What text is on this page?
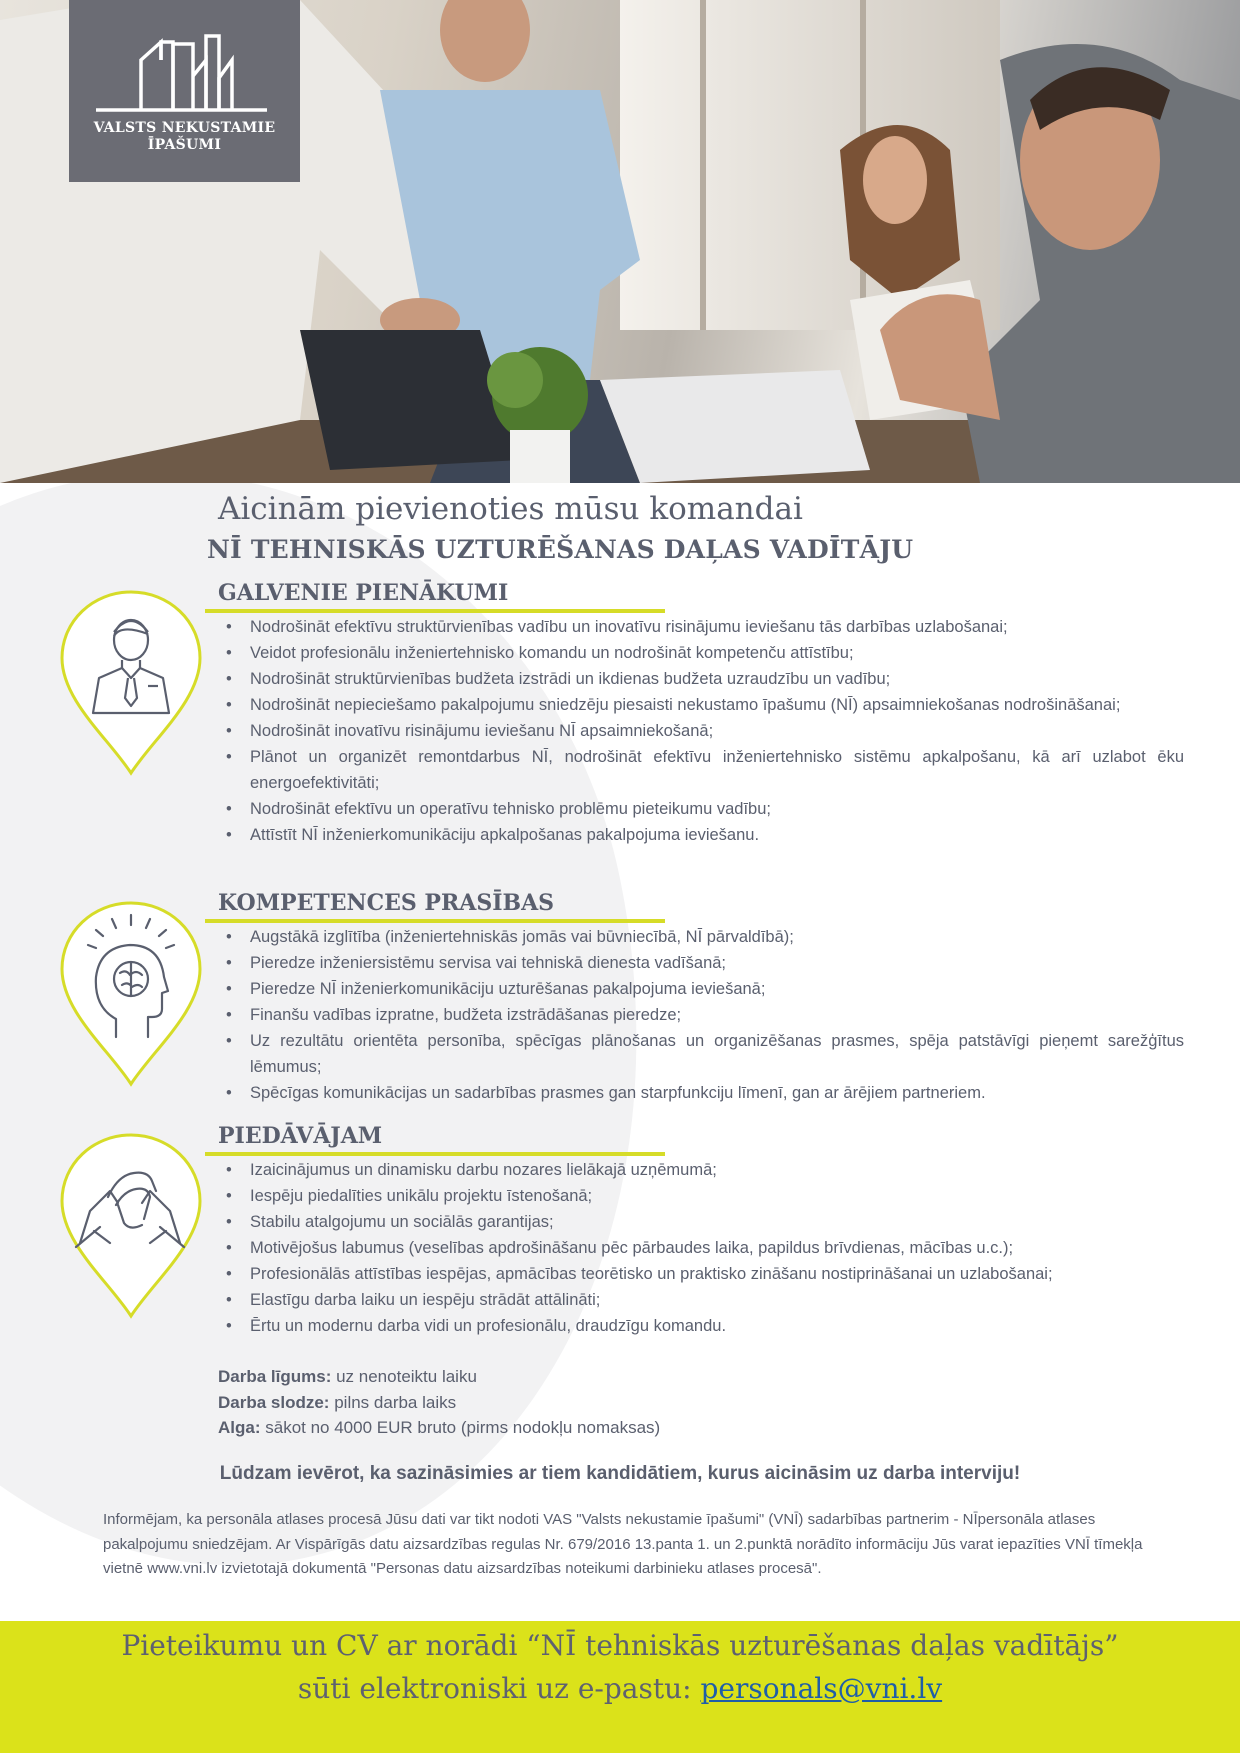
VALSTS NEKUSTAMIE
ĪPAŠUMI
Aicinām pievienoties mūsu komandai
NĪ TEHNISKĀS UZTURĒŠANAS DAĻAS VADĪTĀJU
GALVENIE PIENĀKUMI
• Nodrošināt efektīvu struktūrvienības vadību un inovatīvu risinājumu ieviešanu tās darbības uzlabošanai;
• Veidot profesionālu inženiertehnisko komandu un nodrošināt kompetenču attīstību;
• Nodrošināt struktūrvienības budžeta izstrādi un ikdienas budžeta uzraudzību un vadību;
• Nodrošināt nepieciešamo pakalpojumu sniedzēju piesaisti nekustamo īpašumu (NĪ) apsaimniekošanas nodrošināšanai;
• Nodrošināt inovatīvu risinājumu ieviešanu NĪ apsaimniekošanā;
• Plānot un organizēt remontdarbus NĪ, nodrošināt efektīvu inženiertehnisko sistēmu apkalpošanu, kā arī uzlabot ēku energoefektivitāti;
• Nodrošināt efektīvu un operatīvu tehnisko problēmu pieteikumu vadību;
• Attīstīt NĪ inženierkomunikāciju apkalpošanas pakalpojuma ieviešanu.
KOMPETENCES PRASĪBAS
• Augstākā izglītība (inženiertehniskās jomās vai būvniecībā, NĪ pārvaldībā);
• Pieredze inženiersistēmu servisa vai tehniskā dienesta vadīšanā;
• Pieredze NĪ inženierkomunikāciju uzturēšanas pakalpojuma ieviešanā;
• Finanšu vadības izpratne, budžeta izstrādāšanas pieredze;
• Uz rezultātu orientēta personība, spēcīgas plānošanas un organizēšanas prasmes, spēja patstāvīgi pieņemt sarežģītus lēmumus;
• Spēcīgas komunikācijas un sadarbības prasmes gan starpfunkciju līmenī, gan ar ārējiem partneriem.
PIEDĀVĀJAM
• Izaicinājumus un dinamisku darbu nozares lielākajā uzņēmumā;
• Iespēju piedalīties unikālu projektu īstenošanā;
• Stabilu atalgojumu un sociālās garantijas;
• Motivējošus labumus (veselības apdrošināšanu pēc pārbaudes laika, papildus brīvdienas, mācības u.c.);
• Profesionālās attīstības iespējas, apmācības teorētisko un praktisko zināšanu nostiprināšanai un uzlabošanai;
• Elastīgu darba laiku un iespēju strādāt attālināti;
• Ērtu un modernu darba vidi un profesionālu, draudzīgu komandu.
Darba līgums: uz nenoteiktu laiku
Darba slodze: pilns darba laiks
Alga: sākot no 4000 EUR bruto (pirms nodokļu nomaksas)
Lūdzam ievērot, ka sazināsimies ar tiem kandidātiem, kurus aicināsim uz darba interviju!
Informējam, ka personāla atlases procesā Jūsu dati var tikt nodoti VAS "Valsts nekustamie īpašumi" (VNĪ) sadarbības partnerim - NĪpersonāla atlases pakalpojumu sniedzējam. Ar Vispārīgās datu aizsardzības regulas Nr. 679/2016 13.panta 1. un 2.punktā norādīto informāciju Jūs varat iepazīties VNĪ tīmekļa vietnē www.vni.lv izvietotajā dokumentā "Personas datu aizsardzības noteikumi darbinieku atlases procesā".
Pieteikumu un CV ar norādi “NĪ tehniskās uzturēšanas daļas vadītājs”
sūti elektroniski uz e-pastu: personals@vni.lv
